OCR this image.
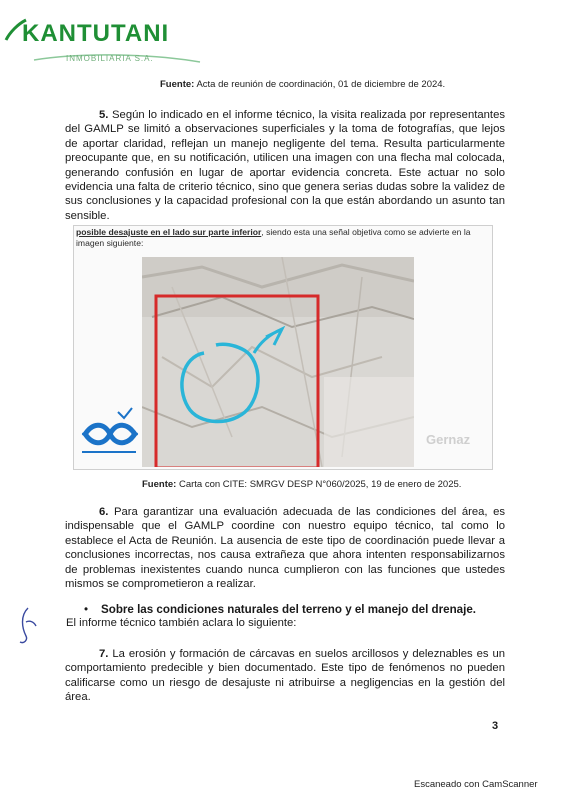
KANTUTANI
INMOBILIARIA S.A.
Fuente: Acta de reunión de coordinación, 01 de diciembre de 2024.
5. Según lo indicado en el informe técnico, la visita realizada por representantes del GAMLP se limitó a observaciones superficiales y la toma de fotografías, que lejos de aportar claridad, reflejan un manejo negligente del tema. Resulta particularmente preocupante que, en su notificación, utilicen una imagen con una flecha mal colocada, generando confusión en lugar de aportar evidencia concreta. Este actuar no solo evidencia una falta de criterio técnico, sino que genera serias dudas sobre la validez de sus conclusiones y la capacidad profesional con la que están abordando un asunto tan sensible.
posible desajuste en el lado sur parte inferior, siendo esta una señal objetiva como se advierte en la imagen siguiente:
Gernaz
Fuente: Carta con CITE: SMRGV DESP N°060/2025, 19 de enero de 2025.
6. Para garantizar una evaluación adecuada de las condiciones del área, es indispensable que el GAMLP coordine con nuestro equipo técnico, tal como lo establece el Acta de Reunión. La ausencia de este tipo de coordinación puede llevar a conclusiones incorrectas, nos causa extrañeza que ahora intenten responsabilizarnos de problemas inexistentes cuando nunca cumplieron con las funciones que ustedes mismos se comprometieron a realizar.
• Sobre las condiciones naturales del terreno y el manejo del drenaje.
El informe técnico también aclara lo siguiente:
7. La erosión y formación de cárcavas en suelos arcillosos y deleznables es un comportamiento predecible y bien documentado. Este tipo de fenómenos no pueden calificarse como un riesgo de desajuste ni atribuirse a negligencias en la gestión del área.
3
Escaneado con CamScanner
